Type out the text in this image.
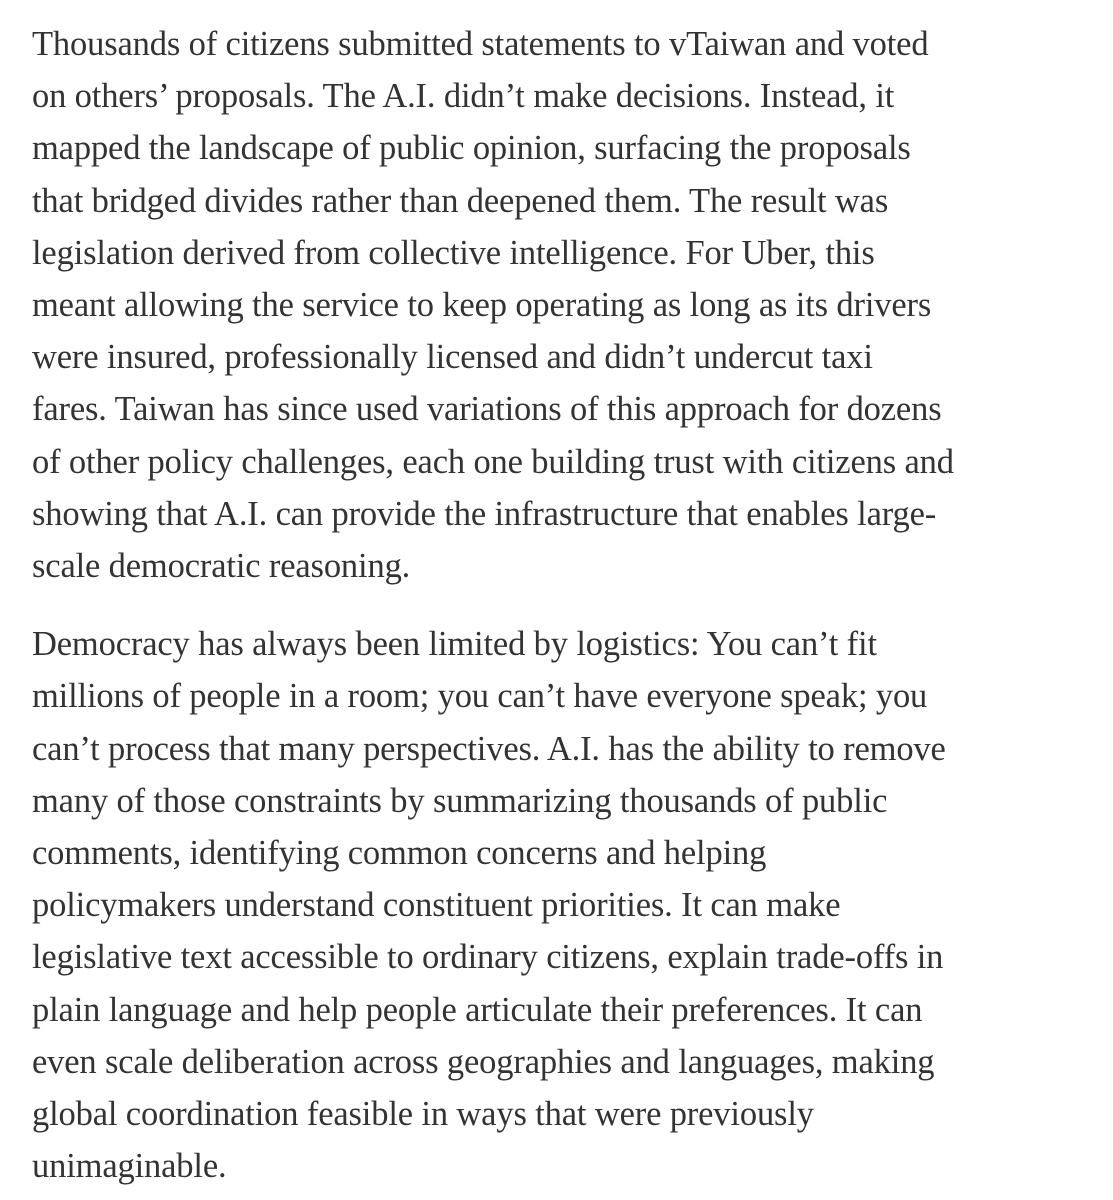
Thousands of citizens submitted statements to vTaiwan and voted
on others’ proposals. The A.I. didn’t make decisions. Instead, it
mapped the landscape of public opinion, surfacing the proposals
that bridged divides rather than deepened them. The result was
legislation derived from collective intelligence. For Uber, this
meant allowing the service to keep operating as long as its drivers
were insured, professionally licensed and didn’t undercut taxi
fares. Taiwan has since used variations of this approach for dozens
of other policy challenges, each one building trust with citizens and
showing that A.I. can provide the infrastructure that enables large-
scale democratic reasoning.

Democracy has always been limited by logistics: You can’t fit
millions of people in a room; you can’t have everyone speak; you
can’t process that many perspectives. A.I. has the ability to remove
many of those constraints by summarizing thousands of public
comments, identifying common concerns and helping
policymakers understand constituent priorities. It can make
legislative text accessible to ordinary citizens, explain trade-offs in
plain language and help people articulate their preferences. It can
even scale deliberation across geographies and languages, making
global coordination feasible in ways that were previously
unimaginable.
